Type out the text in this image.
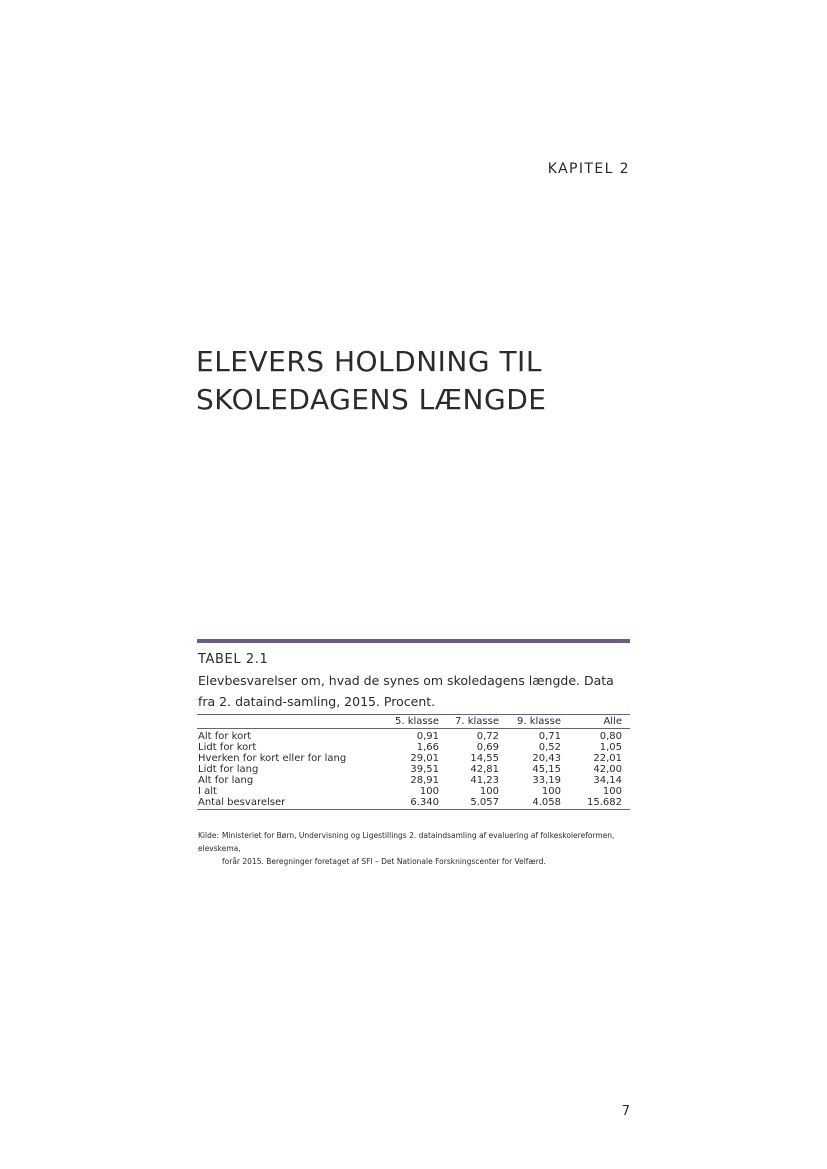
KAPITEL 2
ELEVERS HOLDNING TIL
SKOLEDAGENS LÆNGDE
TABEL 2.1
Elevbesvarelser om, hvad de synes om skoledagens længde. Data fra 2. dataind-samling, 2015. Procent.
	5. klasse	7. klasse	9. klasse	Alle
Alt for kort	0,91	0,72	0,71	0,80
Lidt for kort	1,66	0,69	0,52	1,05
Hverken for kort eller for lang	29,01	14,55	20,43	22,01
Lidt for lang	39,51	42,81	45,15	42,00
Alt for lang	28,91	41,23	33,19	34,14
I alt	100	100	100	100
Antal besvarelser	6.340	5.057	4.058	15.682
Kilde: Ministeriet for Børn, Undervisning og Ligestillings 2. dataindsamling af evaluering af folkeskolereformen, elevskema,
forår 2015. Beregninger foretaget af SFI – Det Nationale Forskningscenter for Velfærd.
7
